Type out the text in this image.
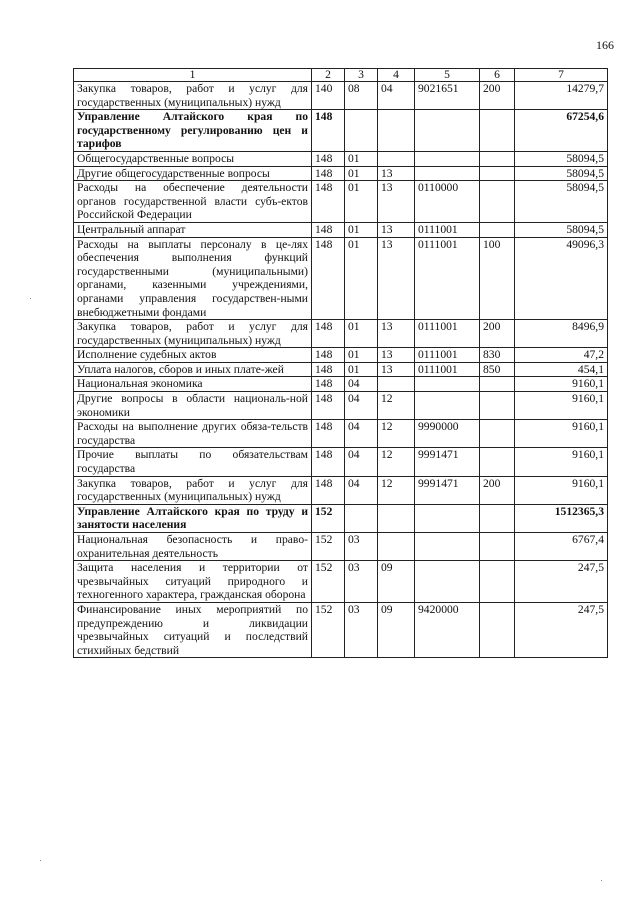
166
1	2	3	4	5	6	7
Закупка товаров, работ и услуг для государственных (муниципальных) нужд	140	08	04	9021651	200	14279,7
Управление Алтайского края по государственному регулированию цен и тарифов	148					67254,6
Общегосударственные вопросы	148	01				58094,5
Другие общегосударственные вопросы	148	01	13			58094,5
Расходы на обеспечение деятельности органов государственной власти субъ-ектов Российской Федерации	148	01	13	0110000		58094,5
Центральный аппарат	148	01	13	0111001		58094,5
Расходы на выплаты персоналу в це-лях обеспечения выполнения функций государственными (муниципальными) органами, казенными учреждениями, органами управления государствен-ными внебюджетными фондами	148	01	13	0111001	100	49096,3
Закупка товаров, работ и услуг для государственных (муниципальных) нужд	148	01	13	0111001	200	8496,9
Исполнение судебных актов	148	01	13	0111001	830	47,2
Уплата налогов, сборов и иных плате-жей	148	01	13	0111001	850	454,1
Национальная экономика	148	04				9160,1
Другие вопросы в области националь-ной экономики	148	04	12			9160,1
Расходы на выполнение других обяза-тельств государства	148	04	12	9990000		9160,1
Прочие выплаты по обязательствам государства	148	04	12	9991471		9160,1
Закупка товаров, работ и услуг для государственных (муниципальных) нужд	148	04	12	9991471	200	9160,1
Управление Алтайского края по труду и занятости населения	152					1512365,3
Национальная безопасность и право-охранительная деятельность	152	03				6767,4
Защита населения и территории от чрезвычайных ситуаций природного и техногенного характера, гражданская оборона	152	03	09			247,5
Финансирование иных мероприятий по предупреждению и ликвидации чрезвычайных ситуаций и последствий стихийных бедствий	152	03	09	9420000		247,5
